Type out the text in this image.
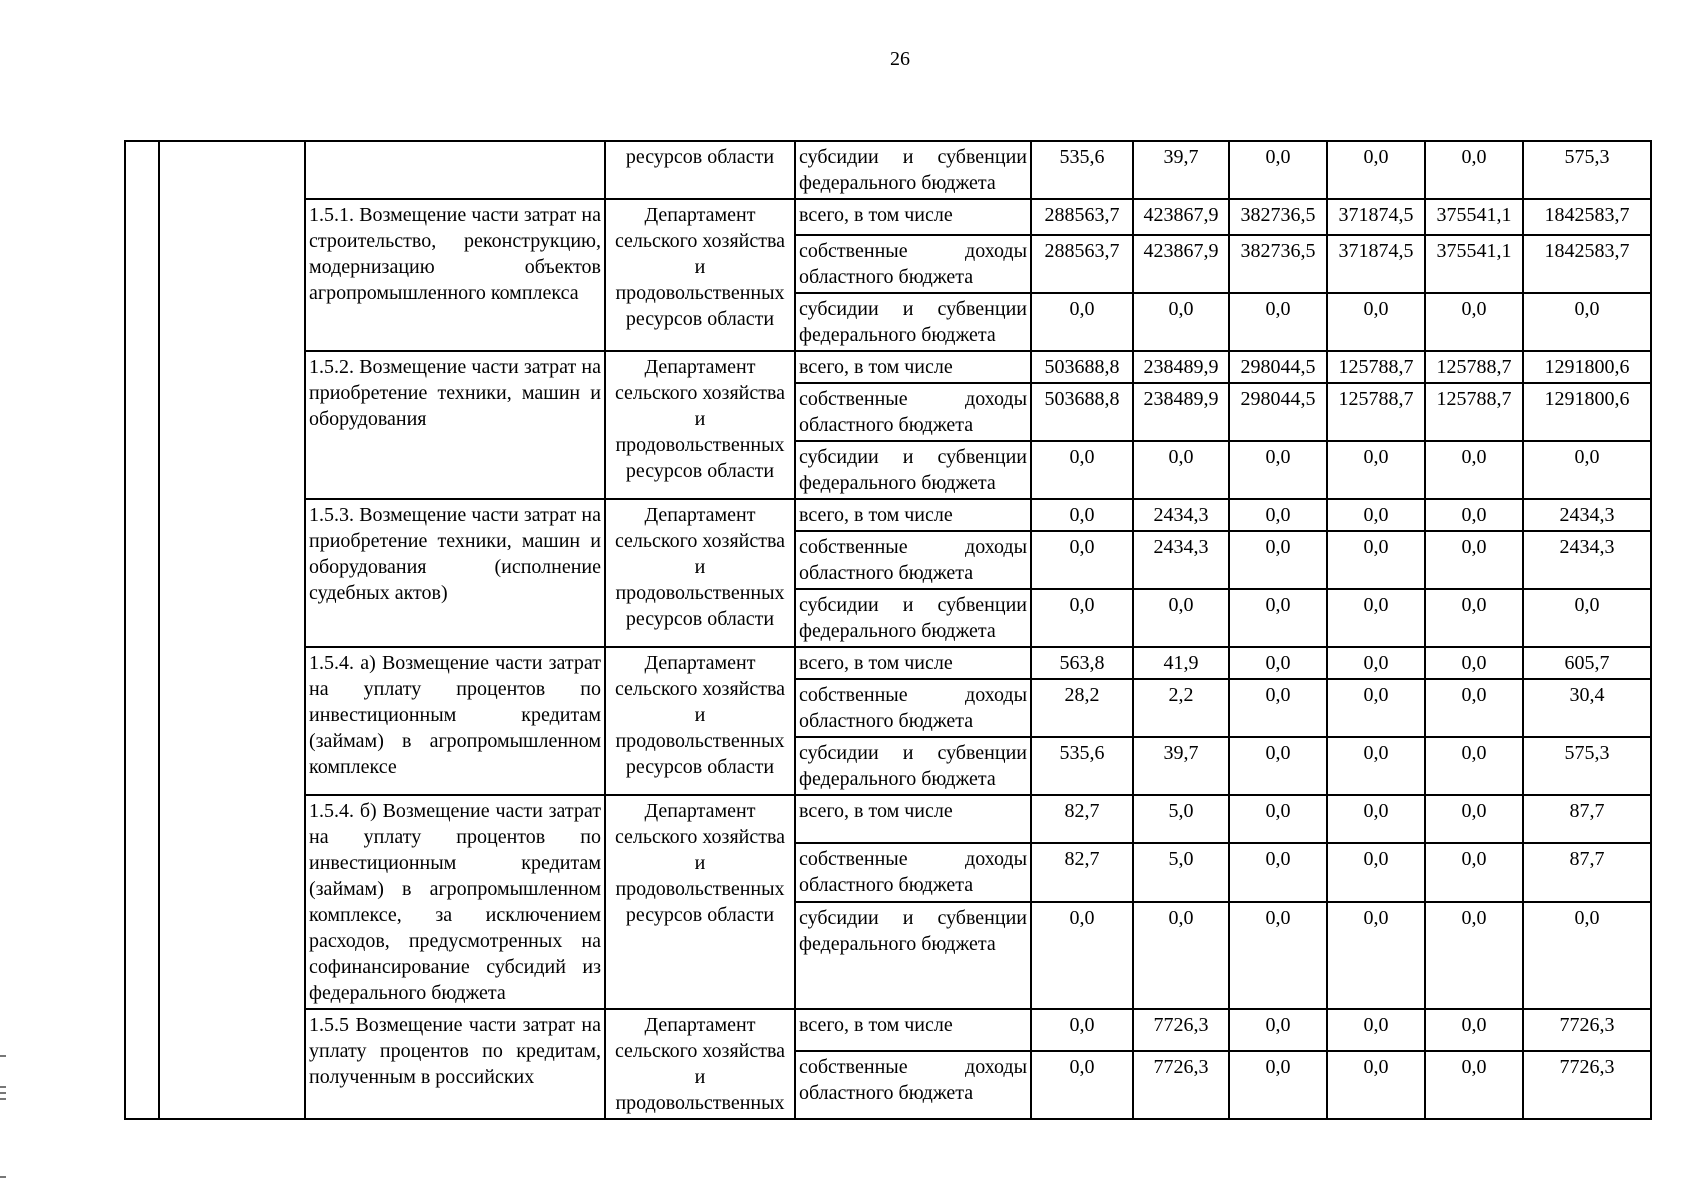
26
			ресурсов области	субсидии и субвенции федерального бюджета	535,6	39,7	0,0	0,0	0,0	575,3
		1.5.1. Возмещение части затрат на строительство, реконструкцию, модернизацию объектов агропромышленного комплекса	Департамент сельского хозяйства и продовольственных ресурсов области	всего, в том числе	288563,7	423867,9	382736,5	371874,5	375541,1	1842583,7
				собственные доходы областного бюджета	288563,7	423867,9	382736,5	371874,5	375541,1	1842583,7
				субсидии и субвенции федерального бюджета	0,0	0,0	0,0	0,0	0,0	0,0
		1.5.2. Возмещение части затрат на приобретение техники, машин и оборудования	Департамент сельского хозяйства и продовольственных ресурсов области	всего, в том числе	503688,8	238489,9	298044,5	125788,7	125788,7	1291800,6
				собственные доходы областного бюджета	503688,8	238489,9	298044,5	125788,7	125788,7	1291800,6
				субсидии и субвенции федерального бюджета	0,0	0,0	0,0	0,0	0,0	0,0
		1.5.3. Возмещение части затрат на приобретение техники, машин и оборудования (исполнение судебных актов)	Департамент сельского хозяйства и продовольственных ресурсов области	всего, в том числе	0,0	2434,3	0,0	0,0	0,0	2434,3
				собственные доходы областного бюджета	0,0	2434,3	0,0	0,0	0,0	2434,3
				субсидии и субвенции федерального бюджета	0,0	0,0	0,0	0,0	0,0	0,0
		1.5.4. а) Возмещение части затрат на уплату процентов по инвестиционным кредитам (займам) в агропромышленном комплексе	Департамент сельского хозяйства и продовольственных ресурсов области	всего, в том числе	563,8	41,9	0,0	0,0	0,0	605,7
				собственные доходы областного бюджета	28,2	2,2	0,0	0,0	0,0	30,4
				субсидии и субвенции федерального бюджета	535,6	39,7	0,0	0,0	0,0	575,3
		1.5.4. б) Возмещение части затрат на уплату процентов по инвестиционным кредитам (займам) в агропромышленном комплексе, за исключением расходов, предусмотренных на софинансирование субсидий из федерального бюджета	Департамент сельского хозяйства и продовольственных ресурсов области	всего, в том числе	82,7	5,0	0,0	0,0	0,0	87,7
				собственные доходы областного бюджета	82,7	5,0	0,0	0,0	0,0	87,7
				субсидии и субвенции федерального бюджета	0,0	0,0	0,0	0,0	0,0	0,0
		1.5.5 Возмещение части затрат на уплату процентов по кредитам, полученным в российских	Департамент сельского хозяйства и продовольственных	всего, в том числе	0,0	7726,3	0,0	0,0	0,0	7726,3
				собственные доходы областного бюджета	0,0	7726,3	0,0	0,0	0,0	7726,3
